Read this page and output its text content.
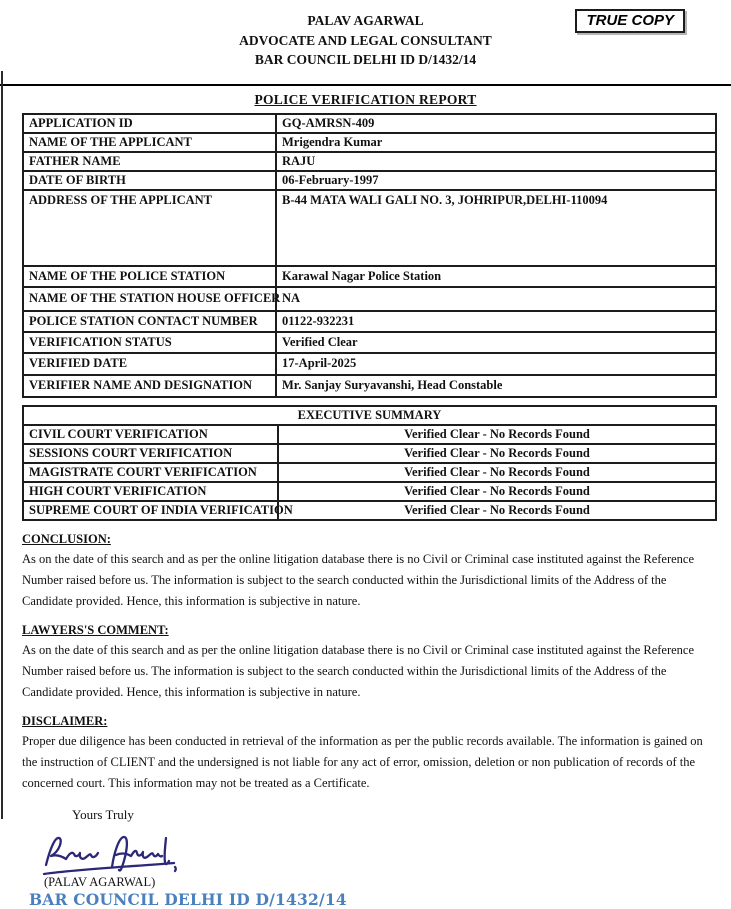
PALAV AGARWAL
ADVOCATE AND LEGAL CONSULTANT
BAR COUNCIL DELHI ID D/1432/14
TRUE COPY
POLICE VERIFICATION REPORT
APPLICATION ID	GQ-AMRSN-409
NAME OF THE APPLICANT	Mrigendra Kumar
FATHER NAME	RAJU
DATE OF BIRTH	06-February-1997
ADDRESS OF THE APPLICANT	B-44 MATA WALI GALI NO. 3, JOHRIPUR,DELHI-110094
NAME OF THE POLICE STATION	Karawal Nagar Police Station
NAME OF THE STATION HOUSE OFFICER	NA
POLICE STATION CONTACT NUMBER	01122-932231
VERIFICATION STATUS	Verified Clear
VERIFIED DATE	17-April-2025
VERIFIER NAME AND DESIGNATION	Mr. Sanjay Suryavanshi, Head Constable
EXECUTIVE SUMMARY	
CIVIL COURT VERIFICATION	Verified Clear - No Records Found
SESSIONS COURT VERIFICATION	Verified Clear - No Records Found
MAGISTRATE COURT VERIFICATION	Verified Clear - No Records Found
HIGH COURT VERIFICATION	Verified Clear - No Records Found
SUPREME COURT OF INDIA VERIFICATION	Verified Clear - No Records Found
CONCLUSION:
As on the date of this search and as per the online litigation database there is no Civil or Criminal case instituted against the Reference Number raised before us. The information is subject to the search conducted within the Jurisdictional limits of the Address of the Candidate provided. Hence, this information is subjective in nature.
LAWYERS'S COMMENT:
As on the date of this search and as per the online litigation database there is no Civil or Criminal case instituted against the Reference Number raised before us. The information is subject to the search conducted within the Jurisdictional limits of the Address of the Candidate provided. Hence, this information is subjective in nature.
DISCLAIMER:
Proper due diligence has been conducted in retrieval of the information as per the public records available. The information is gained on the instruction of CLIENT and the undersigned is not liable for any act of error, omission, deletion or non publication of records of the concerned court. This information may not be treated as a Certificate.
Yours Truly
(PALAV AGARWAL)
BAR COUNCIL DELHI ID D/1432/14
